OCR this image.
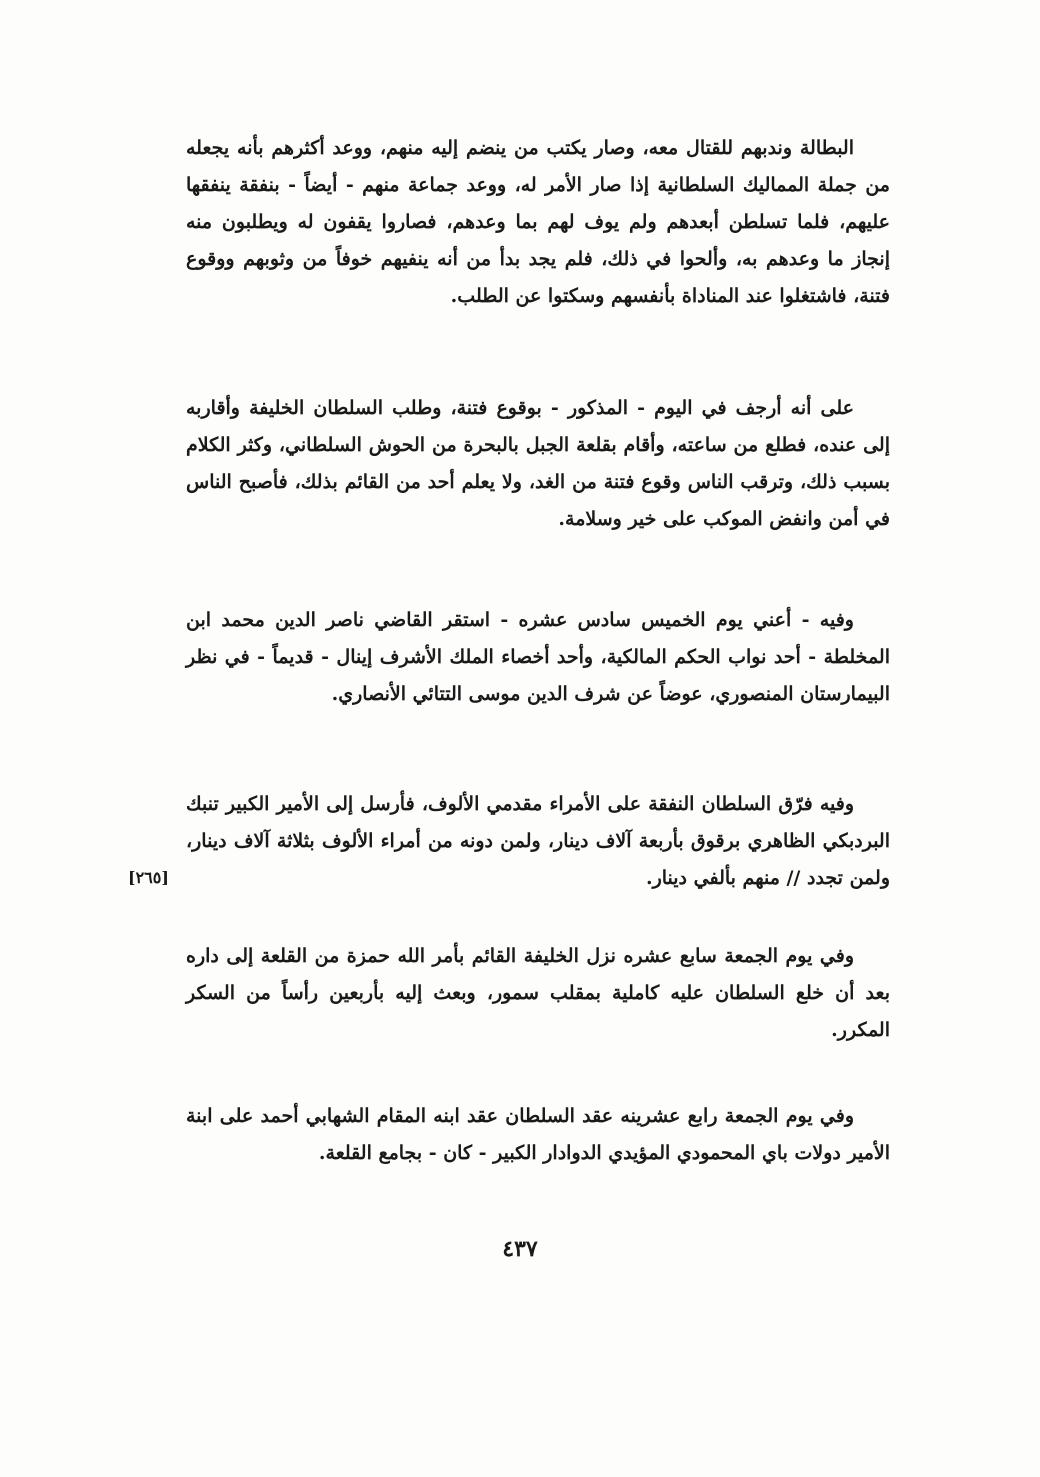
البطالة وندبهم للقتال معه، وصار يكتب من ينضم إليه منهم، ووعد أكثرهم بأنه يجعله من جملة المماليك السلطانية إذا صار الأمر له، ووعد جماعة منهم - أيضاً - بنفقة ينفقها عليهم، فلما تسلطن أبعدهم ولم يوف لهم بما وعدهم، فصاروا يقفون له ويطلبون منه إنجاز ما وعدهم به، وألحوا في ذلك، فلم يجد بدأ من أنه ينفيهم خوفاً من وثوبهم ووقوع فتنة، فاشتغلوا عند المناداة بأنفسهم وسكتوا عن الطلب.

على أنه أرجف في اليوم - المذكور - بوقوع فتنة، وطلب السلطان الخليفة وأقاربه إلى عنده، فطلع من ساعته، وأقام بقلعة الجبل بالبحرة من الحوش السلطاني، وكثر الكلام بسبب ذلك، وترقب الناس وقوع فتنة من الغد، ولا يعلم أحد من القائم بذلك، فأصبح الناس في أمن وانفض الموكب على خير وسلامة.

وفيه - أعني يوم الخميس سادس عشره - استقر القاضي ناصر الدين محمد ابن المخلطة - أحد نواب الحكم المالكية، وأحد أخصاء الملك الأشرف إينال - قديماً - في نظر البيمارستان المنصوري، عوضاً عن شرف الدين موسى التتائي الأنصاري.

وفيه فرّق السلطان النفقة على الأمراء مقدمي الألوف، فأرسل إلى الأمير الكبير تنبك البردبكي الظاهري برقوق بأربعة آلاف دينار، ولمن دونه من أمراء الألوف بثلاثة آلاف دينار، ولمن تجدد // منهم بألفي دينار.

[٢٦٥]

وفي يوم الجمعة سابع عشره نزل الخليفة القائم بأمر الله حمزة من القلعة إلى داره بعد أن خلع السلطان عليه كاملية بمقلب سمور، وبعث إليه بأربعين رأساً من السكر المكرر.

وفي يوم الجمعة رابع عشرينه عقد السلطان عقد ابنه المقام الشهابي أحمد على ابنة الأمير دولات باي المحمودي المؤيدي الدوادار الكبير - كان - بجامع القلعة.

٤٣٧
